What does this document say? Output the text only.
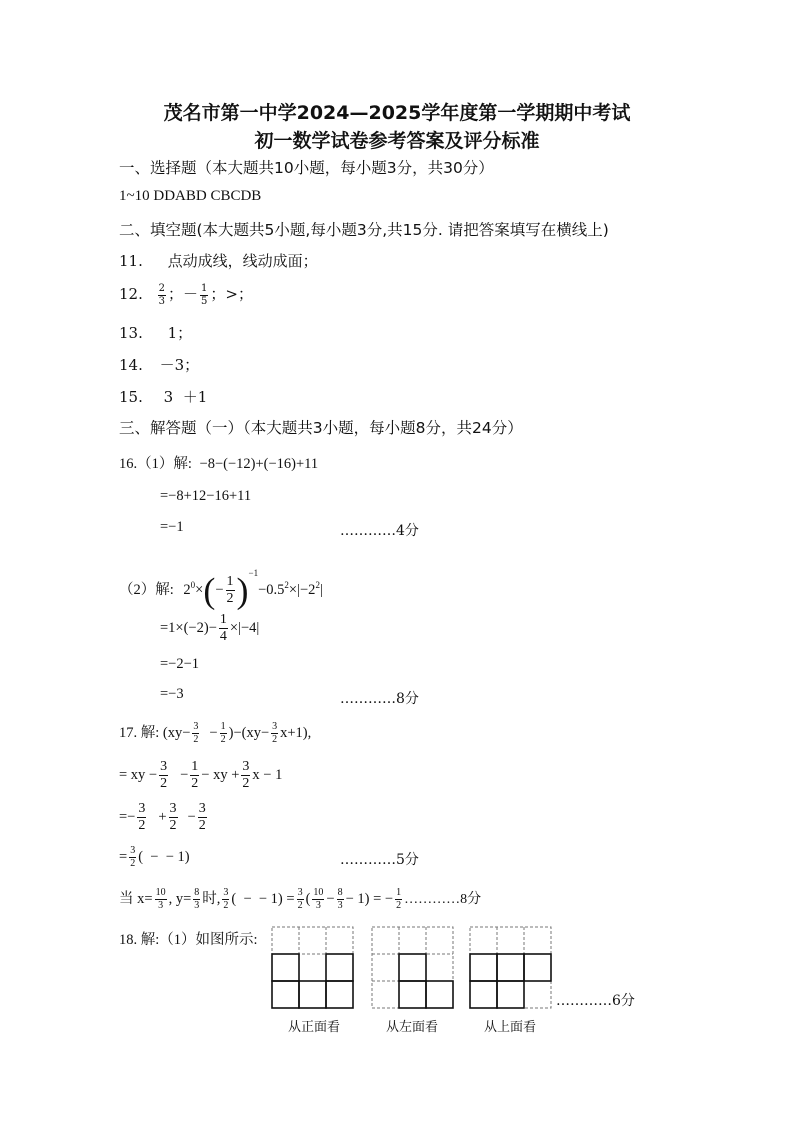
茂名市第一中学2024—2025学年度第一学期期中考试
初一数学试卷参考答案及评分标准
一、选择题（本大题共10小题，每小题3分，共30分）
1~10 DDABD CBCDB
二、填空题(本大题共5小题,每小题3分,共15分. 请把答案填写在横线上)
11. 点动成线，线动成面；
12. $\frac{2}{3}$ ；－ $\frac{1}{5}$ ；>；
13. 1；
14. －3；
15. 3  ＋1
三、解答题（一）（本大题共3小题，每小题8分，共24分）
16.（1）解: −8−(−12)+(−16)+11
=−8+12−16+11
=−1	…………4分
（2）解: $2^0\times(- \frac{1}{2} )^{-1}-0.5^2\times|-2^2|$
$=1\times(-2)- \frac{1}{4} \times|-4|$
=−2−1
=−3	…………8分
17. 解: $(xy- \frac{3}{2} - \frac{1}{2} )-(xy- \frac{3}{2} x+1)$,
= xy − $\frac{3}{2} - \frac{1}{2}$ − xy + $\frac{3}{2}$ x − 1
=− $\frac{3}{2} + \frac{3}{2} - \frac{3}{2}$
= $\frac{3}{2}$ (  −  − 1)	…………5分
当 $x= \frac{10}{3}$ , $y= \frac{8}{3}$ 时, $\frac{3}{2}$ (  −  − $1) = \frac{3}{2}$ ( $\frac{10}{3} - \frac{8}{3} - 1$) = − $\frac{1}{2}$ …………8分
18. 解:（1）如图所示:
…………6分
从正面看	从左面看	从上面看
